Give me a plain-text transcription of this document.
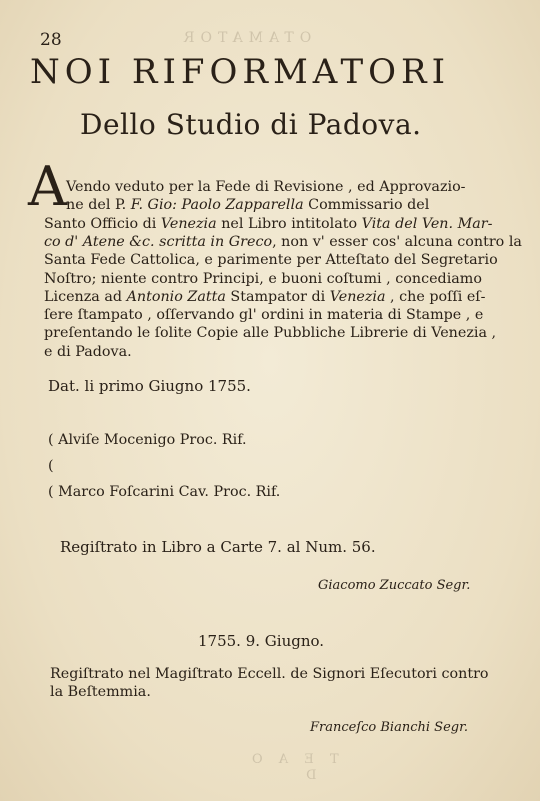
OTAMATOR
T E A O
D
28
NOI RIFORMATORI
Dello Studio di Padova.
A Vendo veduto per la Fede di Revisione , ed Approvazio-
ne del P. F. Gio: Paolo Zapparella Commissario del
Santo Officio di Venezia nel Libro intitolato Vita del Ven. Mar-
co d' Atene &c. scritta in Greco, non v' esser cos' alcuna contro la
Santa Fede Cattolica, e parimente per Atteſtato del Segretario
Noſtro; niente contro Principi, e buoni coſtumi , concediamo
Licenza ad Antonio Zatta Stampator di Venezia , che poſſi eſ-
ſere ſtampato , oſſervando gl' ordini in materia di Stampe , e
preſentando le ſolite Copie alle Pubbliche Librerie di Venezia ,
e di Padova.
Dat. li primo Giugno 1755.
( Alviſe Mocenigo Proc. Rif.
(
( Marco Foſcarini Cav. Proc. Rif.
Regiſtrato in Libro a Carte 7. al Num. 56.
Giacomo Zuccato Segr.
1755. 9. Giugno.
Regiſtrato nel Magiſtrato Eccell. de Signori Eſecutori contro
la Beſtemmia.
Franceſco Bianchi Segr.
